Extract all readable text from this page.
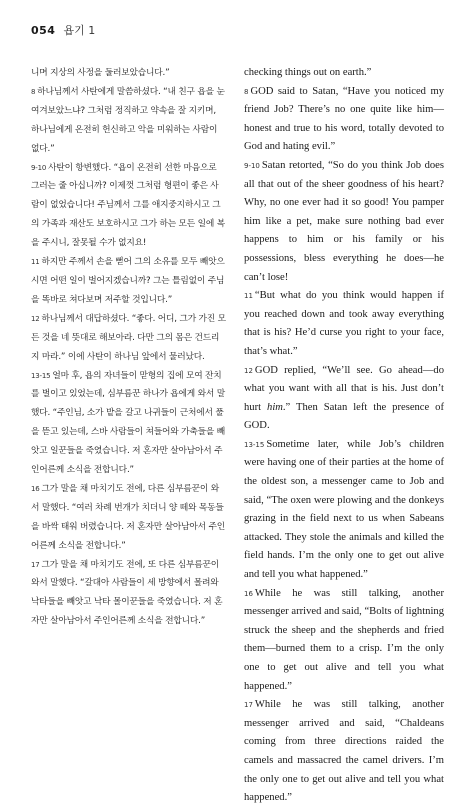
054 욥기 1

니며 지상의 사정을 둘러보았습니다.”

8 하나님께서 사탄에게 말씀하셨다. “내 친구 욥을 눈여겨보았느냐? 그처럼 정직하고 약속을 잘 지키며, 하나님에게 온전히 헌신하고 악을 미워하는 사람이 없다.”

9-10 사탄이 항변했다. “욥이 온전히 선한 마음으로 그러는 줄 아십니까? 이제껏 그처럼 형편이 좋은 사람이 없었습니다! 주님께서 그를 애지중지하시고 그의 가족과 재산도 보호하시고 그가 하는 모든 일에 복을 주시니, 잘못될 수가 없지요!

11 하지만 주께서 손을 뻗어 그의 소유를 모두 빼앗으시면 어떤 일이 벌어지겠습니까? 그는 틀림없이 주님을 똑바로 쳐다보며 저주할 것입니다.”

12 하나님께서 대답하셨다. “좋다. 어디, 그가 가진 모든 것을 네 뜻대로 해보아라. 다만 그의 몸은 건드리지 마라.” 이에 사탄이 하나님 앞에서 물러났다.

13-15 얼마 후, 욥의 자녀들이 맏형의 집에 모여 잔치를 벌이고 있었는데, 심부름꾼 하나가 욥에게 와서 말했다. “주인님, 소가 밭을 갈고 나귀들이 근처에서 풀을 뜯고 있는데, 스바 사람들이 쳐들어와 가축들을 빼앗고 일꾼들을 죽였습니다. 저 혼자만 살아남아서 주인어른께 소식을 전합니다.”

16 그가 말을 채 마치기도 전에, 다른 심부름꾼이 와서 말했다. “여러 차례 번개가 치더니 양 떼와 목동들을 바싹 태워 버렸습니다. 저 혼자만 살아남아서 주인어른께 소식을 전합니다.”

17 그가 말을 채 마치기도 전에, 또 다른 심부름꾼이 와서 말했다. “갈대아 사람들이 세 방향에서 몰려와 낙타들을 빼앗고 낙타 몰이꾼들을 죽였습니다. 저 혼자만 살아남아서 주인어른께 소식을 전합니다.”

checking things out on earth.”

8 GOD said to Satan, “Have you noticed my friend Job? There’s no one quite like him—honest and true to his word, totally devoted to God and hating evil.”

9-10 Satan retorted, “So do you think Job does all that out of the sheer goodness of his heart? Why, no one ever had it so good! You pamper him like a pet, make sure nothing bad ever happens to him or his family or his possessions, bless everything he does—he can’t lose!

11 “But what do you think would happen if you reached down and took away everything that is his? He’d curse you right to your face, that’s what.”

12 GOD replied, “We’ll see. Go ahead—do what you want with all that is his. Just don’t hurt him.” Then Satan left the presence of GOD.

13-15 Sometime later, while Job’s children were having one of their parties at the home of the oldest son, a messenger came to Job and said, “The oxen were plowing and the donkeys grazing in the field next to us when Sabeans attacked. They stole the animals and killed the field hands. I’m the only one to get out alive and tell you what happened.”

16 While he was still talking, another messenger arrived and said, “Bolts of lightning struck the sheep and the shepherds and fried them—burned them to a crisp. I’m the only one to get out alive and tell you what happened.”

17 While he was still talking, another messenger arrived and said, “Chaldeans coming from three directions raided the camels and massacred the camel drivers. I’m the only one to get out alive and tell you what happened.”
